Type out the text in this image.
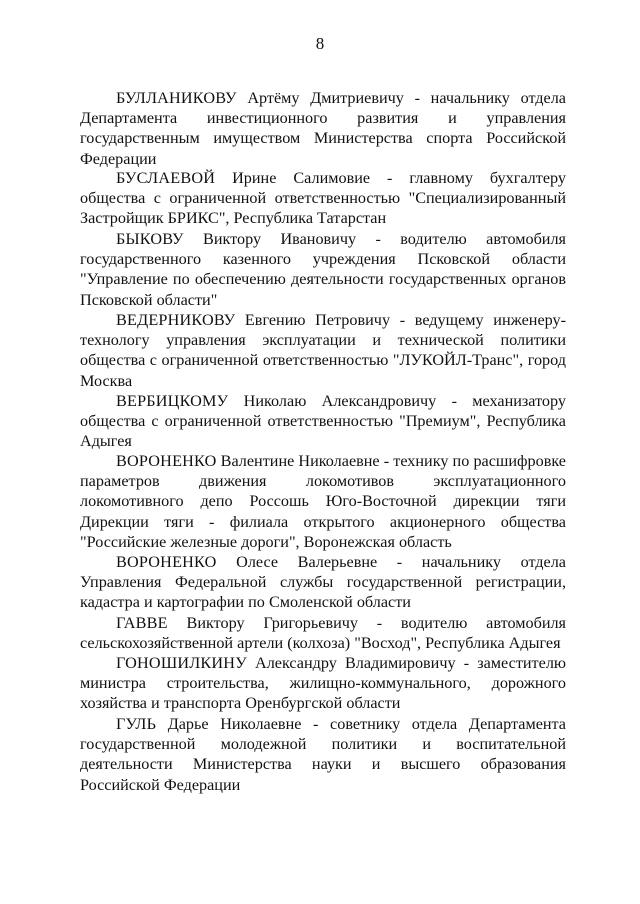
8

БУЛЛАНИКОВУ Артёму Дмитриевичу - начальнику отдела Департамента инвестиционного развития и управления государственным имуществом Министерства спорта Российской Федерации

БУСЛАЕВОЙ Ирине Салимовие - главному бухгалтеру общества с ограниченной ответственностью "Специализированный Застройщик БРИКС", Республика Татарстан

БЫКОВУ Виктору Ивановичу - водителю автомобиля государственного казенного учреждения Псковской области "Управление по обеспечению деятельности государственных органов Псковской области"

ВЕДЕРНИКОВУ Евгению Петровичу - ведущему инженеру-технологу управления эксплуатации и технической политики общества с ограниченной ответственностью "ЛУКОЙЛ-Транс", город Москва

ВЕРБИЦКОМУ Николаю Александровичу - механизатору общества с ограниченной ответственностью "Премиум", Республика Адыгея

ВОРОНЕНКО Валентине Николаевне - технику по расшифровке параметров движения локомотивов эксплуатационного локомотивного депо Россошь Юго-Восточной дирекции тяги Дирекции тяги - филиала открытого акционерного общества "Российские железные дороги", Воронежская область

ВОРОНЕНКО Олесе Валерьевне - начальнику отдела Управления Федеральной службы государственной регистрации, кадастра и картографии по Смоленской области

ГАВВЕ Виктору Григорьевичу - водителю автомобиля сельскохозяйственной артели (колхоза) "Восход", Республика Адыгея

ГОНОШИЛКИНУ Александру Владимировичу - заместителю министра строительства, жилищно-коммунального, дорожного хозяйства и транспорта Оренбургской области

ГУЛЬ Дарье Николаевне - советнику отдела Департамента государственной молодежной политики и воспитательной деятельности Министерства науки и высшего образования Российской Федерации
